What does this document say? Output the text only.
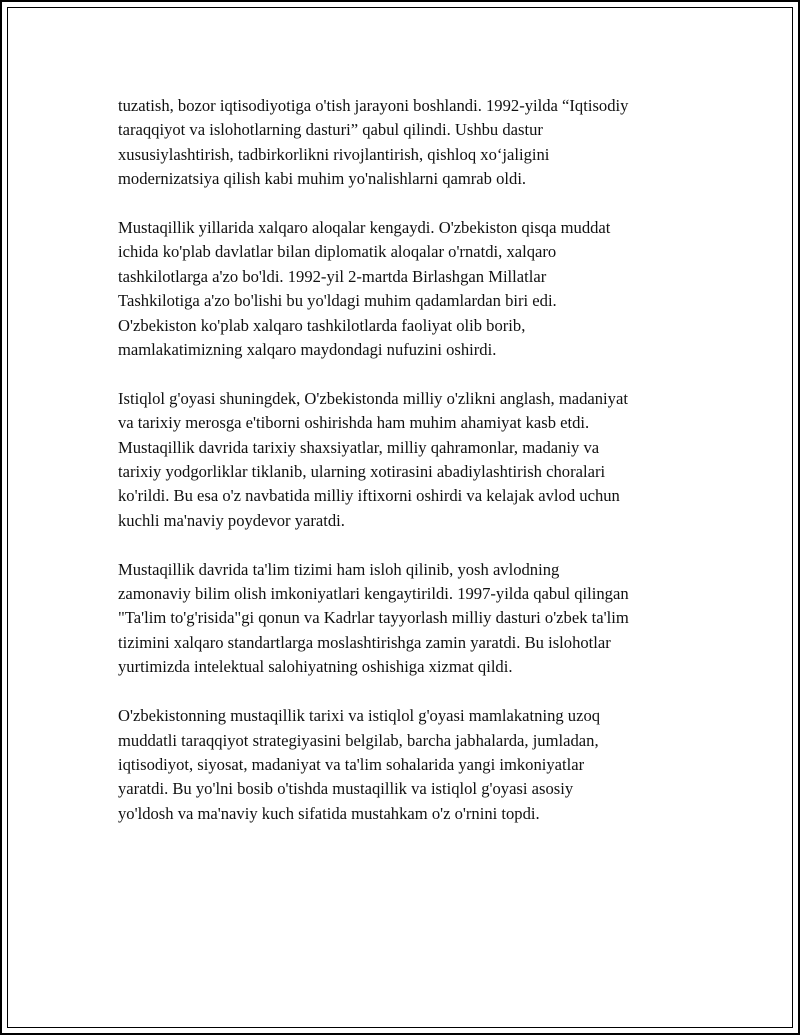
tuzatish, bozor iqtisodiyotiga o'tish jarayoni boshlandi. 1992-yilda “Iqtisodiy
taraqqiyot va islohotlarning dasturi” qabul qilindi. Ushbu dastur
xususiylashtirish, tadbirkorlikni rivojlantirish, qishloq xo‘jaligini
modernizatsiya qilish kabi muhim yo'nalishlarni qamrab oldi.

Mustaqillik yillarida xalqaro aloqalar kengaydi. O'zbekiston qisqa muddat
ichida ko'plab davlatlar bilan diplomatik aloqalar o'rnatdi, xalqaro
tashkilotlarga a'zo bo'ldi. 1992-yil 2-martda Birlashgan Millatlar
Tashkilotiga a'zo bo'lishi bu yo'ldagi muhim qadamlardan biri edi.
O'zbekiston ko'plab xalqaro tashkilotlarda faoliyat olib borib,
mamlakatimizning xalqaro maydondagi nufuzini oshirdi.

Istiqlol g'oyasi shuningdek, O'zbekistonda milliy o'zlikni anglash, madaniyat
va tarixiy merosga e'tiborni oshirishda ham muhim ahamiyat kasb etdi.
Mustaqillik davrida tarixiy shaxsiyatlar, milliy qahramonlar, madaniy va
tarixiy yodgorliklar tiklanib, ularning xotirasini abadiylashtirish choralari
ko'rildi. Bu esa o'z navbatida milliy iftixorni oshirdi va kelajak avlod uchun
kuchli ma'naviy poydevor yaratdi.

Mustaqillik davrida ta'lim tizimi ham isloh qilinib, yosh avlodning
zamonaviy bilim olish imkoniyatlari kengaytirildi. 1997-yilda qabul qilingan
"Ta'lim to'g'risida"gi qonun va Kadrlar tayyorlash milliy dasturi o'zbek ta'lim
tizimini xalqaro standartlarga moslashtirishga zamin yaratdi. Bu islohotlar
yurtimizda intelektual salohiyatning oshishiga xizmat qildi.

O'zbekistonning mustaqillik tarixi va istiqlol g'oyasi mamlakatning uzoq
muddatli taraqqiyot strategiyasini belgilab, barcha jabhalarda, jumladan,
iqtisodiyot, siyosat, madaniyat va ta'lim sohalarida yangi imkoniyatlar
yaratdi. Bu yo'lni bosib o'tishda mustaqillik va istiqlol g'oyasi asosiy
yo'ldosh va ma'naviy kuch sifatida mustahkam o'z o'rnini topdi.
